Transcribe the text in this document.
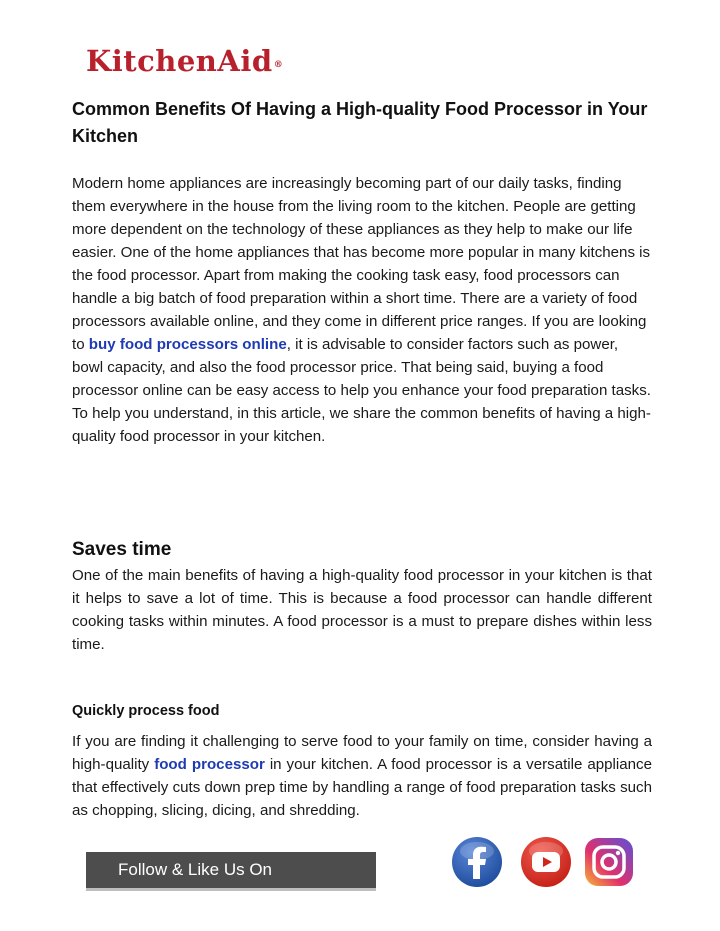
KitchenAid®
Common Benefits Of Having a High-quality Food Processor in Your Kitchen

Modern home appliances are increasingly becoming part of our daily tasks, finding them everywhere in the house from the living room to the kitchen. People are getting more dependent on the technology of these appliances as they help to make our life easier. One of the home appliances that has become more popular in many kitchens is the food processor. Apart from making the cooking task easy, food processors can handle a big batch of food preparation within a short time. There are a variety of food processors available online, and they come in different price ranges. If you are looking to buy food processors online, it is advisable to consider factors such as power, bowl capacity, and also the food processor price. That being said, buying a food processor online can be easy access to help you enhance your food preparation tasks. To help you understand, in this article, we share the common benefits of having a high-quality food processor in your kitchen.

Saves time

One of the main benefits of having a high-quality food processor in your kitchen is that it helps to save a lot of time. This is because a food processor can handle different cooking tasks within minutes. A food processor is a must to prepare dishes within less time.

Quickly process food

If you are finding it challenging to serve food to your family on time, consider having a high-quality food processor in your kitchen. A food processor is a versatile appliance that effectively cuts down prep time by handling a range of food preparation tasks such as chopping, slicing, dicing, and shredding.

Follow & Like Us On
